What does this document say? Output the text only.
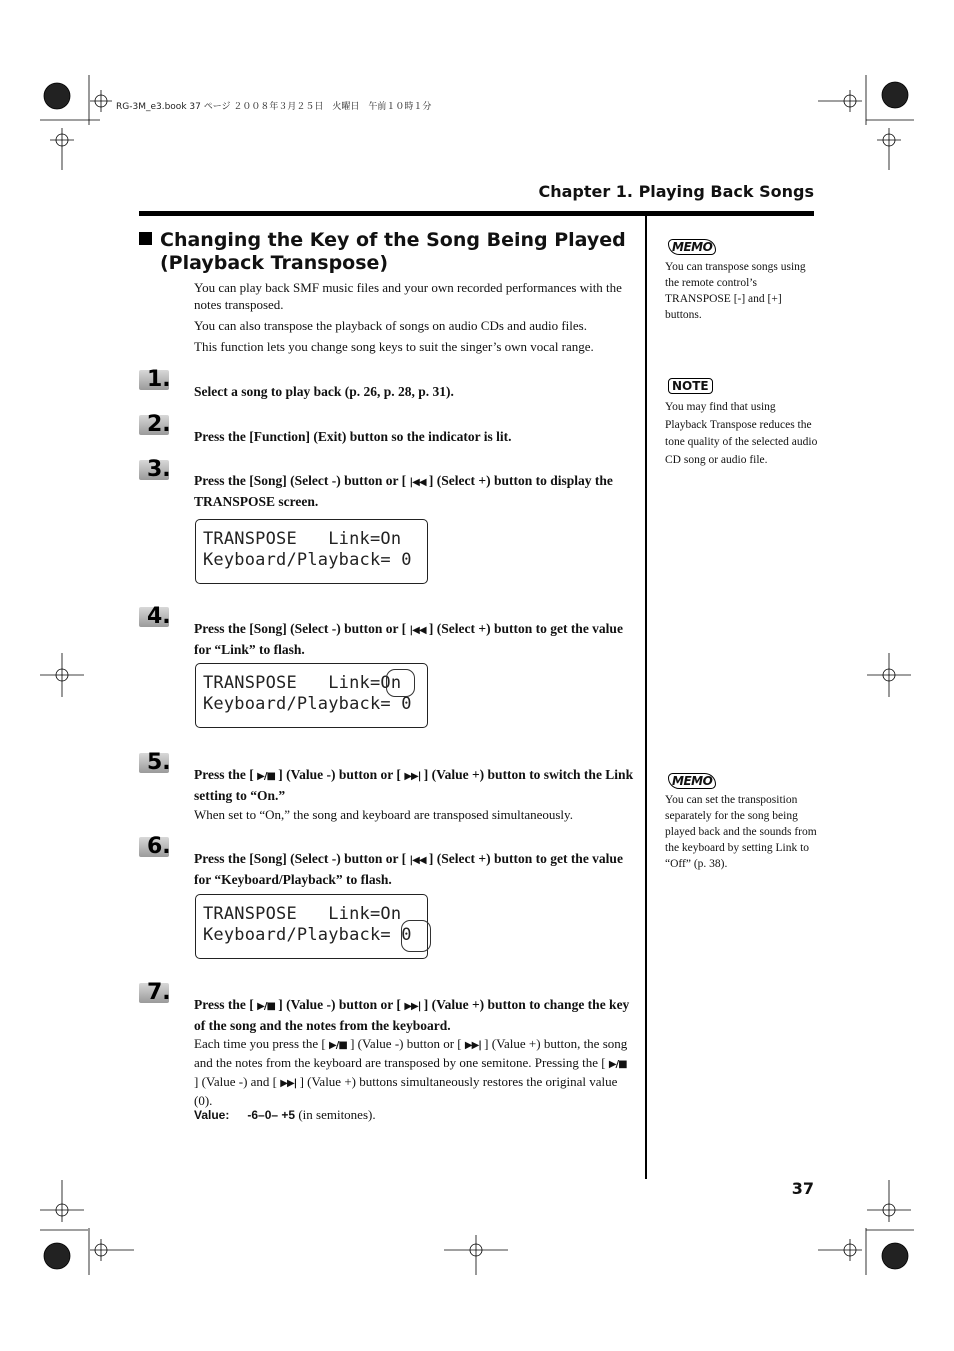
RG-3M_e3.book 37 ページ ２００８年３月２５日　火曜日　午前１０時１分
Chapter 1. Playing Back Songs
Changing the Key of the Song Being Played
(Playback Transpose)
You can play back SMF music files and your own recorded performances with the notes transposed.
You can also transpose the playback of songs on audio CDs and audio files.
This function lets you change song keys to suit the singer’s own vocal range.
1. Select a song to play back (p. 26, p. 28, p. 31).
2. Press the [Function] (Exit) button so the indicator is lit.
3. Press the [Song] (Select -) button or [ |◀◀ ] (Select +) button to display the TRANSPOSE screen.
TRANSPOSE   Link=On
Keyboard/Playback= 0
4. Press the [Song] (Select -) button or [ |◀◀ ] (Select +) button to get the value for “Link” to flash.
TRANSPOSE   Link=On
Keyboard/Playback= 0
5. Press the [ ▶/■ ] (Value -) button or [ ▶▶| ] (Value +) button to switch the Link setting to “On.”
When set to “On,” the song and keyboard are transposed simultaneously.
6. Press the [Song] (Select -) button or [ |◀◀ ] (Select +) button to get the value for “Keyboard/Playback” to flash.
TRANSPOSE   Link=On
Keyboard/Playback= 0
7. Press the [ ▶/■ ] (Value -) button or [ ▶▶| ] (Value +) button to change the key of the song and the notes from the keyboard.
Each time you press the [ ▶/■ ] (Value -) button or [ ▶▶| ] (Value +) button, the song and the notes from the keyboard are transposed by one semitone. Pressing the [ ▶/■ ] (Value -) and [ ▶▶| ] (Value +) buttons simultaneously restores the original value (0).
Value: -6–0– +5 (in semitones).
MEMO
You can transpose songs using the remote control’s TRANSPOSE [-] and [+] buttons.
NOTE
You may find that using Playback Transpose reduces the tone quality of the selected audio CD song or audio file.
MEMO
You can set the transposition separately for the song being played back and the sounds from the keyboard by setting Link to “Off” (p. 38).
37
